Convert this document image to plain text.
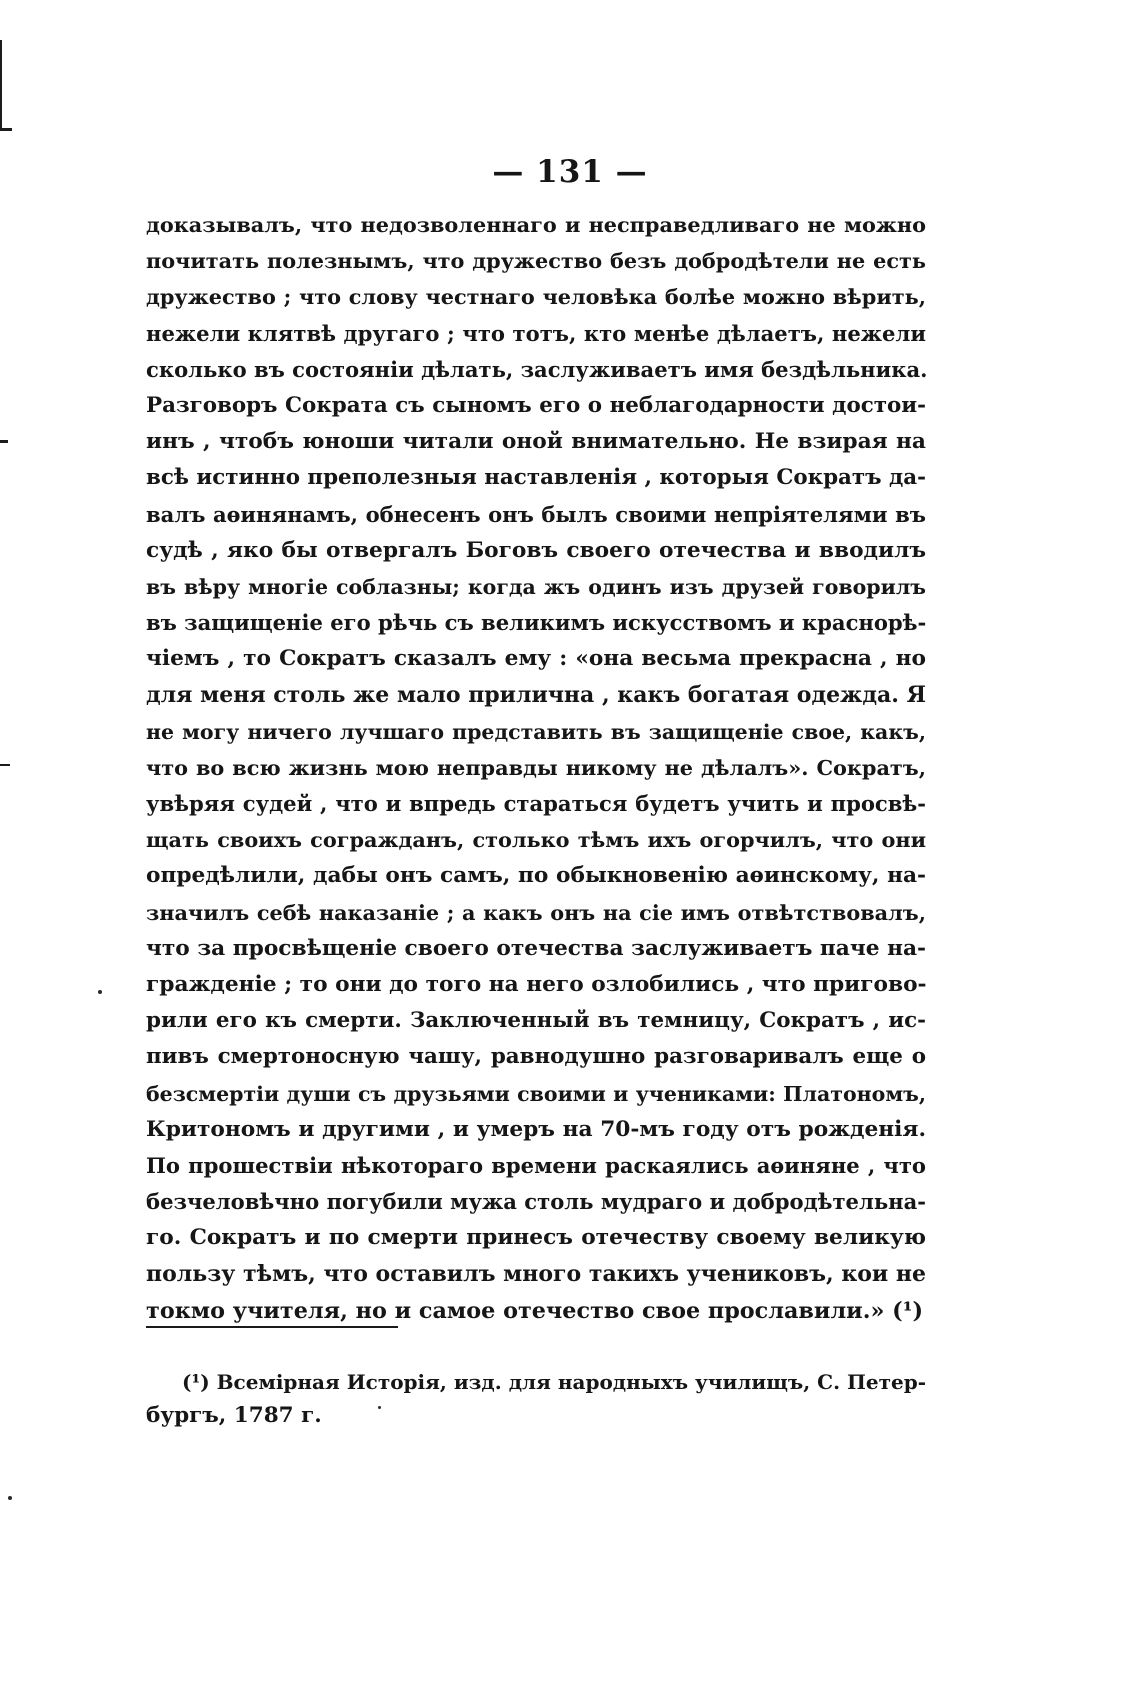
— 131 —
доказывалъ, что недозволеннаго и несправедливаго не можно
почитать полезнымъ, что дружество безъ добродѣтели не есть
дружество ; что слову честнаго человѣка болѣе можно вѣрить,
нежели клятвѣ другаго ; что тотъ, кто менѣе дѣлаетъ, нежели
сколько въ состояніи дѣлать, заслуживаетъ имя бездѣльника.
Разговоръ Сократа съ сыномъ его о неблагодарности достои-
инъ , чтобъ юноши читали оной внимательно. Не взирая на
всѣ истинно преполезныя наставленія , которыя Сократъ да-
валъ аѳинянамъ, обнесенъ онъ былъ своими непріятелями въ
судѣ , яко бы отвергалъ Боговъ своего отечества и вводилъ
въ вѣру многіе соблазны; когда жъ одинъ изъ друзей говорилъ
въ защищеніе его рѣчь съ великимъ искусствомъ и краснорѣ-
чіемъ , то Сократъ сказалъ ему : «она весьма прекрасна , но
для меня столь же мало прилична , какъ богатая одежда. Я
не могу ничего лучшаго представить въ защищеніе свое, какъ,
что во всю жизнь мою неправды никому не дѣлалъ». Сократъ,
увѣряя судей , что и впредь стараться будетъ учить и просвѣ-
щать своихъ согражданъ, столько тѣмъ ихъ огорчилъ, что они
опредѣлили, дабы онъ самъ, по обыкновенію аѳинскому, на-
значилъ себѣ наказаніе ; а какъ онъ на сіе имъ отвѣтствовалъ,
что за просвѣщеніе своего отечества заслуживаетъ паче на-
гражденіе ; то они до того на него озлобились , что пригово-
рили его къ смерти. Заключенный въ темницу, Сократъ , ис-
пивъ смертоносную чашу, равнодушно разговаривалъ еще о
безсмертіи души съ друзьями своими и учениками: Платономъ,
Критономъ и другими , и умеръ на 70-мъ году отъ рожденія.
По прошествіи нѣкотораго времени раскаялись аѳиняне , что
безчеловѣчно погубили мужа столь мудраго и добродѣтельна-
го. Сократъ и по смерти принесъ отечеству своему великую
пользу тѣмъ, что оставилъ много такихъ учениковъ, кои не
токмо учителя, но и самое отечество свое прославили.» (¹)
(¹) Всемірная Исторія, изд. для народныхъ училищъ, С. Петер-
бургъ, 1787 г.
